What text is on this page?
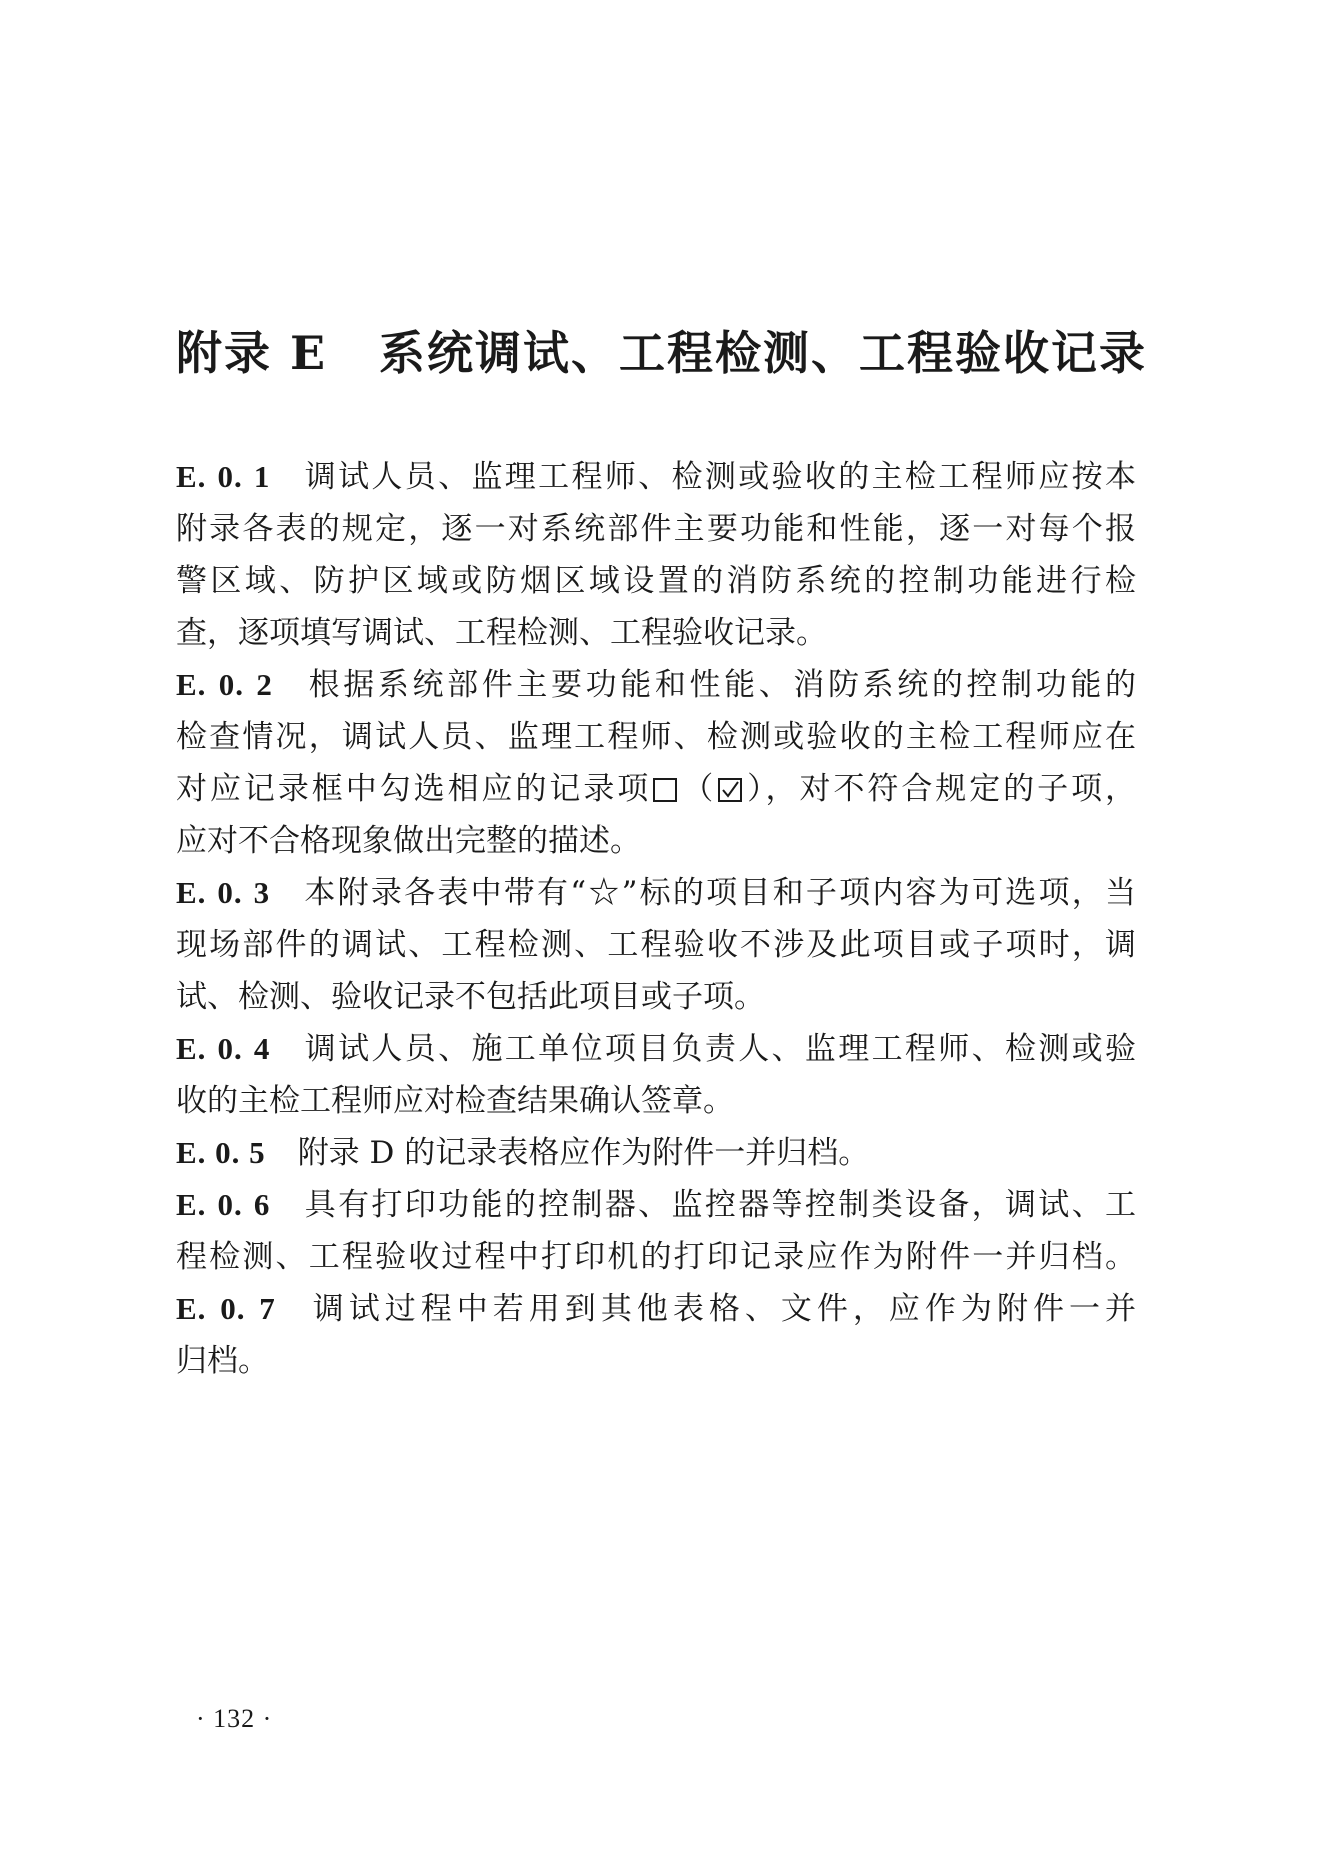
附录 E 系统调试、工程检测、工程验收记录
E. 0. 1 调试人员、监理工程师、检测或验收的主检工程师应按本
附录各表的规定，逐一对系统部件主要功能和性能，逐一对每个报
警区域、防护区域或防烟区域设置的消防系统的控制功能进行检
查，逐项填写调试、工程检测、工程验收记录。
E. 0. 2 根据系统部件主要功能和性能、消防系统的控制功能的
检查情况，调试人员、监理工程师、检测或验收的主检工程师应在
对应记录框中勾选相应的记录项 （ ），对不符合规定的子项，
应对不合格现象做出完整的描述。
E. 0. 3 本附录各表中带有“☆”标的项目和子项内容为可选项，当
现场部件的调试、工程检测、工程验收不涉及此项目或子项时，调
试、检测、验收记录不包括此项目或子项。
E. 0. 4 调试人员、施工单位项目负责人、监理工程师、检测或验
收的主检工程师应对检查结果确认签章。
E. 0. 5 附录 D 的记录表格应作为附件一并归档。
E. 0. 6 具有打印功能的控制器、监控器等控制类设备，调试、工
程检测、工程验收过程中打印机的打印记录应作为附件一并归档。
E. 0. 7 调试过程中若用到其他表格、文件，应作为附件一并
归档。
· 132 ·
